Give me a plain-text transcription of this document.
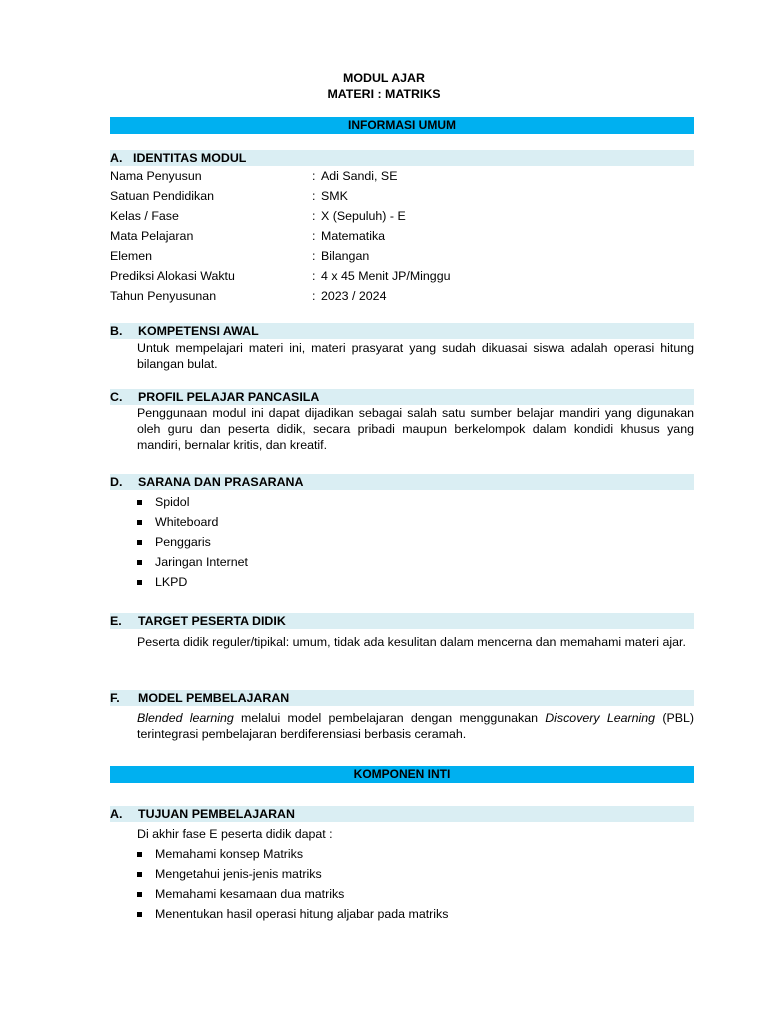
MODUL AJAR
MATERI : MATRIKS
INFORMASI UMUM
A. IDENTITAS MODUL
Nama Penyusun	: Adi Sandi, SE
Satuan Pendidikan	: SMK
Kelas / Fase	: X (Sepuluh) - E
Mata Pelajaran	: Matematika
Elemen	: Bilangan
Prediksi Alokasi Waktu	: 4 x 45 Menit JP/Minggu
Tahun Penyusunan	: 2023 / 2024
B. KOMPETENSI AWAL
Untuk mempelajari materi ini, materi prasyarat yang sudah dikuasai siswa adalah operasi hitung bilangan bulat.
C. PROFIL PELAJAR PANCASILA
Penggunaan modul ini dapat dijadikan sebagai salah satu sumber belajar mandiri yang digunakan oleh guru dan peserta didik, secara pribadi maupun berkelompok dalam kondidi khusus yang mandiri, bernalar kritis, dan kreatif.
D. SARANA DAN PRASARANA
Spidol
Whiteboard
Penggaris
Jaringan Internet
LKPD
E. TARGET PESERTA DIDIK
Peserta didik reguler/tipikal: umum, tidak ada kesulitan dalam mencerna dan memahami materi ajar.
F. MODEL PEMBELAJARAN
Blended learning melalui model pembelajaran dengan menggunakan Discovery Learning (PBL) terintegrasi pembelajaran berdiferensiasi berbasis ceramah.
KOMPONEN INTI
A. TUJUAN PEMBELAJARAN
Di akhir fase E peserta didik dapat :
Memahami konsep Matriks
Mengetahui jenis-jenis matriks
Memahami kesamaan dua matriks
Menentukan hasil operasi hitung aljabar pada matriks
